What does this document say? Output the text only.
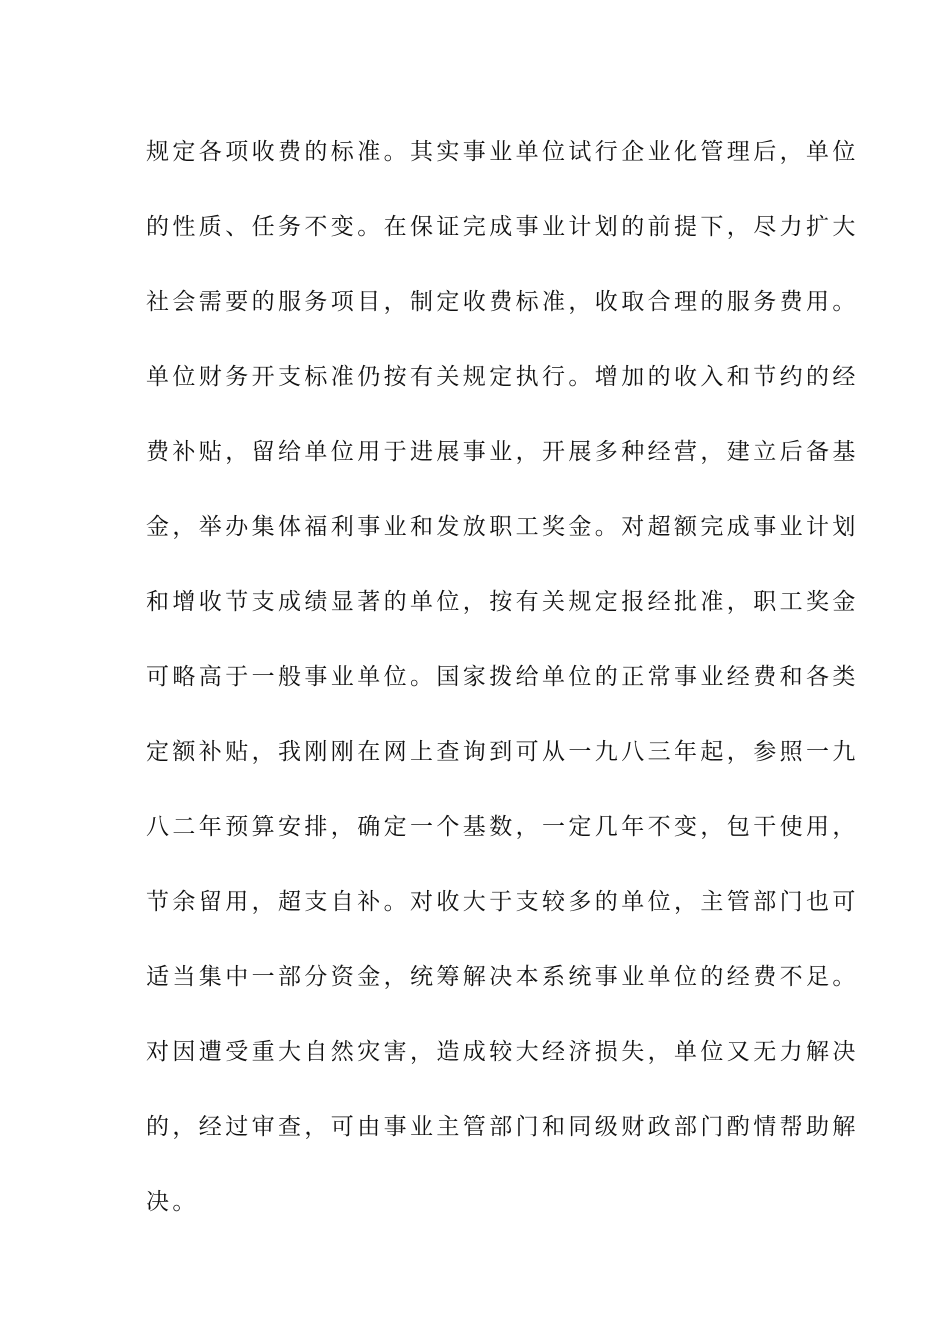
规定各项收费的标准。其实事业单位试行企业化管理后，单位
的性质、任务不变。在保证完成事业计划的前提下，尽力扩大
社会需要的服务项目，制定收费标准，收取合理的服务费用。
单位财务开支标准仍按有关规定执行。增加的收入和节约的经
费补贴，留给单位用于进展事业，开展多种经营，建立后备基
金，举办集体福利事业和发放职工奖金。对超额完成事业计划
和增收节支成绩显著的单位，按有关规定报经批准，职工奖金
可略高于一般事业单位。国家拨给单位的正常事业经费和各类
定额补贴，我刚刚在网上查询到可从一九八三年起，参照一九
八二年预算安排，确定一个基数，一定几年不变，包干使用，
节余留用，超支自补。对收大于支较多的单位，主管部门也可
适当集中一部分资金，统筹解决本系统事业单位的经费不足。
对因遭受重大自然灾害，造成较大经济损失，单位又无力解决
的，经过审查，可由事业主管部门和同级财政部门酌情帮助解
决。
